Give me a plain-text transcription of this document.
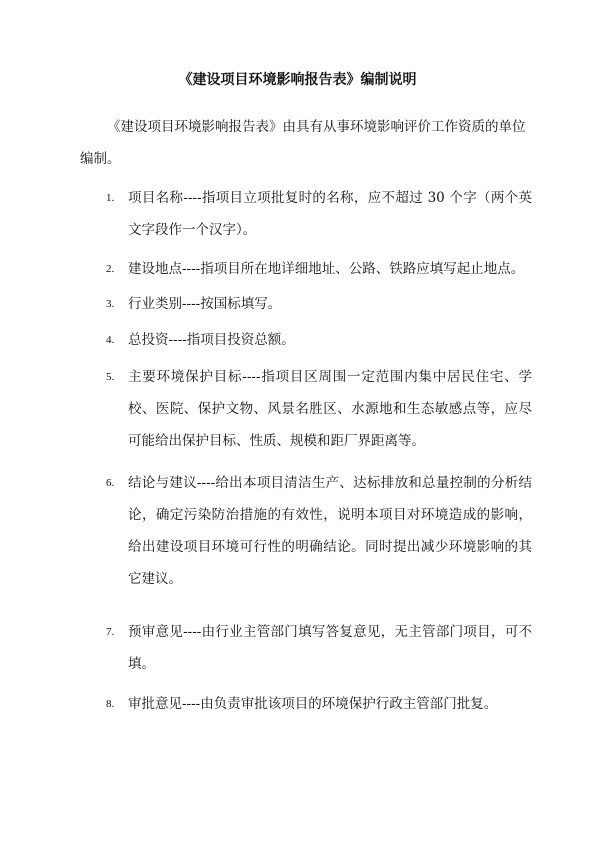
《建设项目环境影响报告表》编制说明

《建设项目环境影响报告表》由具有从事环境影响评价工作资质的单位编制。

1.	项目名称----指项目立项批复时的名称，应不超过 30 个字（两个英文字段作一个汉字）。
2.	建设地点----指项目所在地详细地址、公路、铁路应填写起止地点。
3.	行业类别----按国标填写。
4.	总投资----指项目投资总额。
5.	主要环境保护目标----指项目区周围一定范围内集中居民住宅、学校、医院、保护文物、风景名胜区、水源地和生态敏感点等，应尽可能给出保护目标、性质、规模和距厂界距离等。
6.	结论与建议----给出本项目清洁生产、达标排放和总量控制的分析结论，确定污染防治措施的有效性，说明本项目对环境造成的影响，给出建设项目环境可行性的明确结论。同时提出减少环境影响的其它建议。
7.	预审意见----由行业主管部门填写答复意见，无主管部门项目，可不填。
8.	审批意见----由负责审批该项目的环境保护行政主管部门批复。
